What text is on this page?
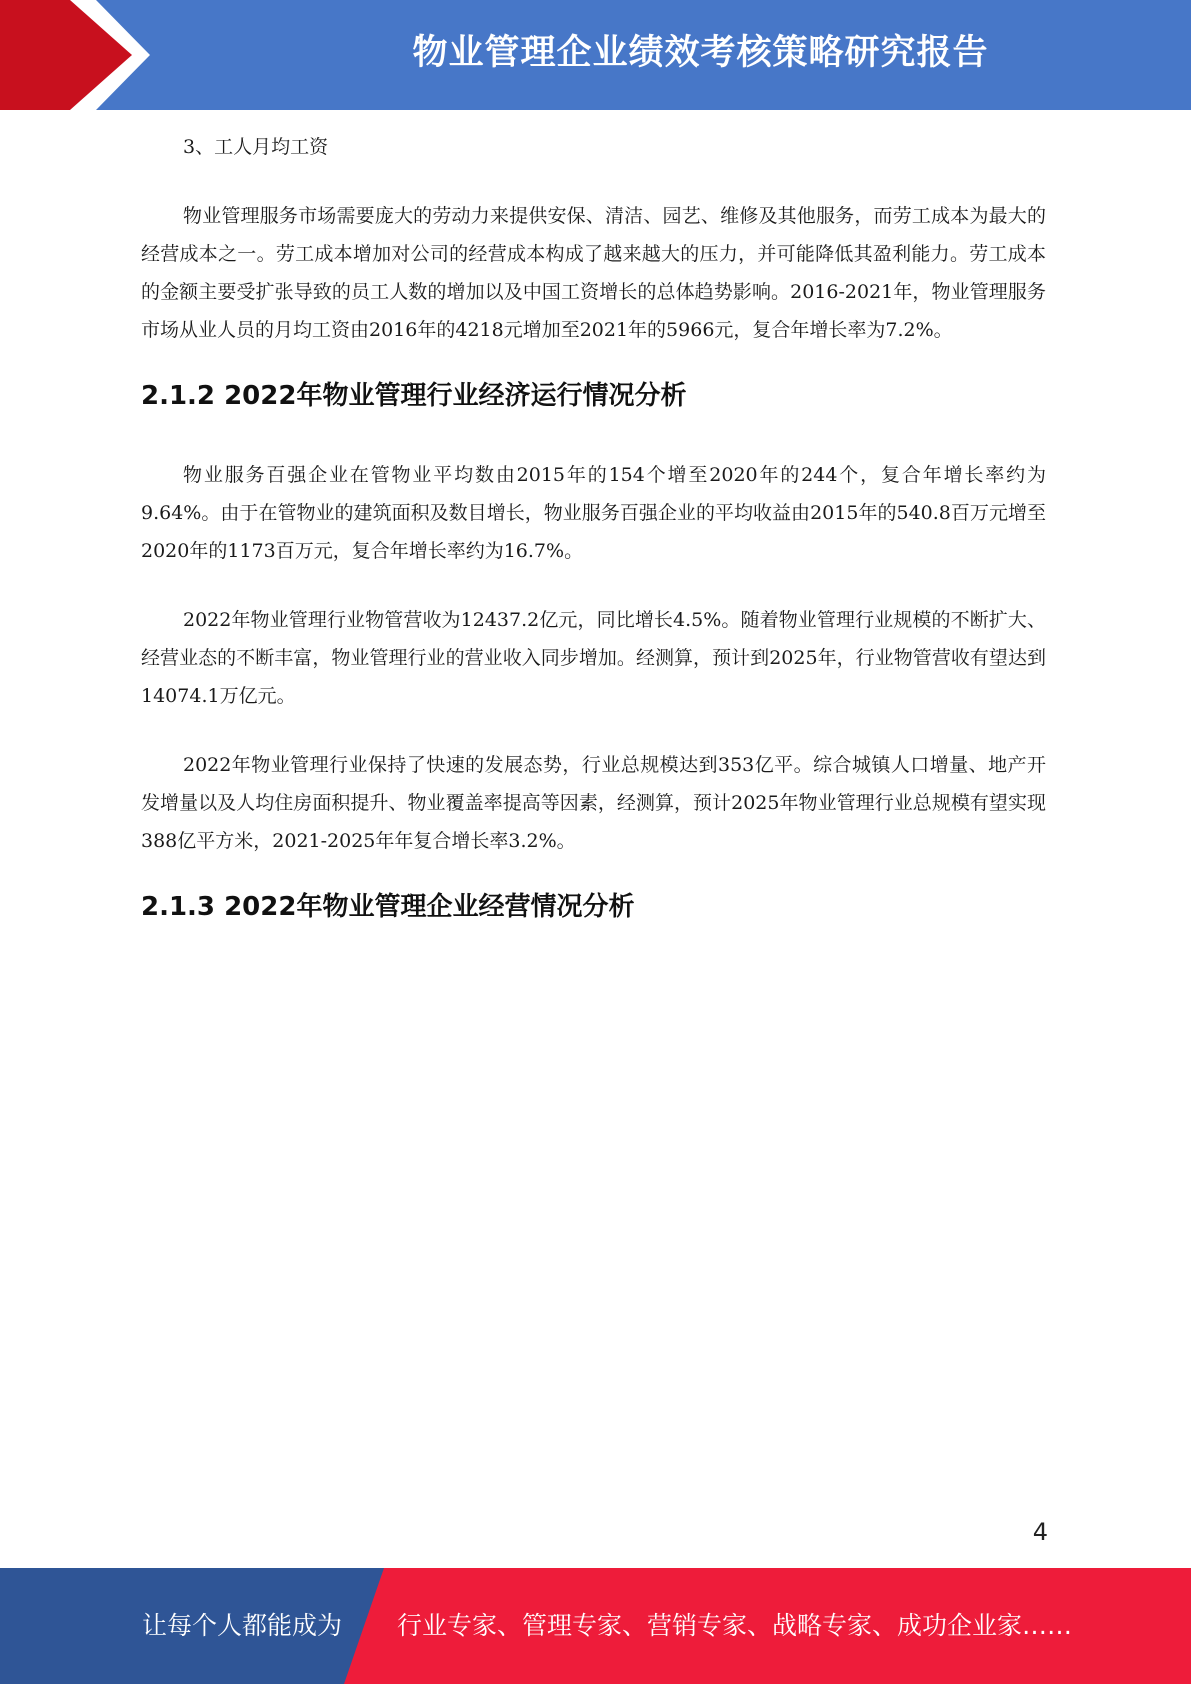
物业管理企业绩效考核策略研究报告

3、工人月均工资

物业管理服务市场需要庞大的劳动力来提供安保、清洁、园艺、维修及其他服务，而劳工成本为最大的经营成本之一。劳工成本增加对公司的经营成本构成了越来越大的压力，并可能降低其盈利能力。劳工成本的金额主要受扩张导致的员工人数的增加以及中国工资增长的总体趋势影响。2016-2021年，物业管理服务市场从业人员的月均工资由2016年的4218元增加至2021年的5966元，复合年增长率为7.2%。

2.1.2 2022年物业管理行业经济运行情况分析

物业服务百强企业在管物业平均数由2015年的154个增至2020年的244个，复合年增长率约为9.64%。由于在管物业的建筑面积及数目增长，物业服务百强企业的平均收益由2015年的540.8百万元增至2020年的1173百万元，复合年增长率约为16.7%。

2022年物业管理行业物管营收为12437.2亿元，同比增长4.5%。随着物业管理行业规模的不断扩大、经营业态的不断丰富，物业管理行业的营业收入同步增加。经测算，预计到2025年，行业物管营收有望达到14074.1万亿元。

2022年物业管理行业保持了快速的发展态势，行业总规模达到353亿平。综合城镇人口增量、地产开发增量以及人均住房面积提升、物业覆盖率提高等因素，经测算，预计2025年物业管理行业总规模有望实现388亿平方米，2021-2025年年复合增长率3.2%。

2.1.3 2022年物业管理企业经营情况分析
4
让每个人都能成为 行业专家、管理专家、营销专家、战略专家、成功企业家……
